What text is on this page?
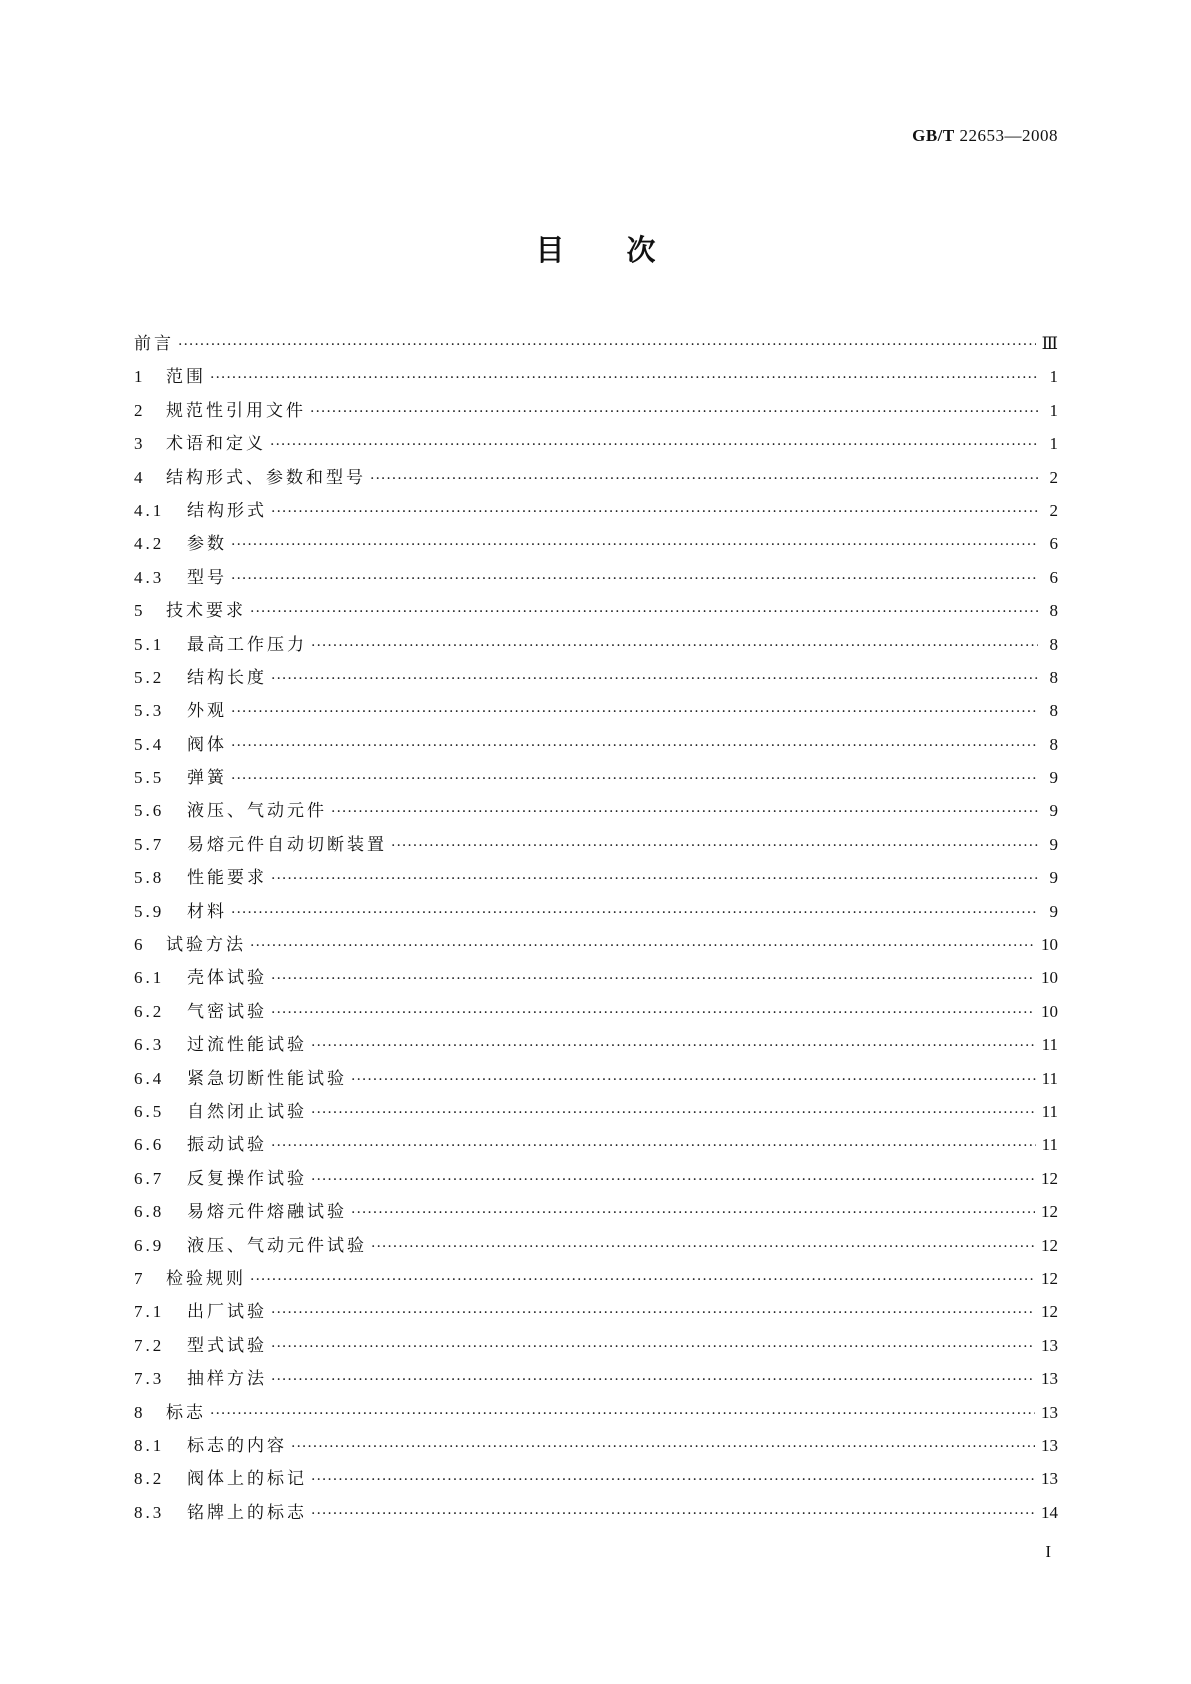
GB/T 22653—2008
目次
前言 ·····	Ⅲ
1	范围 ·····	1
2	规范性引用文件 ·····	1
3	术语和定义 ·····	1
4	结构形式、参数和型号 ·····	2
4.1	结构形式 ·····	2
4.2	参数 ·····	6
4.3	型号 ·····	6
5	技术要求 ·····	8
5.1	最高工作压力 ·····	8
5.2	结构长度 ·····	8
5.3	外观 ·····	8
5.4	阀体 ·····	8
5.5	弹簧 ·····	9
5.6	液压、气动元件 ·····	9
5.7	易熔元件自动切断装置 ·····	9
5.8	性能要求 ·····	9
5.9	材料 ·····	9
6	试验方法 ·····	10
6.1	壳体试验 ·····	10
6.2	气密试验 ·····	10
6.3	过流性能试验 ·····	11
6.4	紧急切断性能试验 ·····	11
6.5	自然闭止试验 ·····	11
6.6	振动试验 ·····	11
6.7	反复操作试验 ·····	12
6.8	易熔元件熔融试验 ·····	12
6.9	液压、气动元件试验 ·····	12
7	检验规则 ·····	12
7.1	出厂试验 ·····	12
7.2	型式试验 ·····	13
7.3	抽样方法 ·····	13
8	标志 ·····	13
8.1	标志的内容 ·····	13
8.2	阀体上的标记 ·····	13
8.3	铭牌上的标志 ·····	14
I
